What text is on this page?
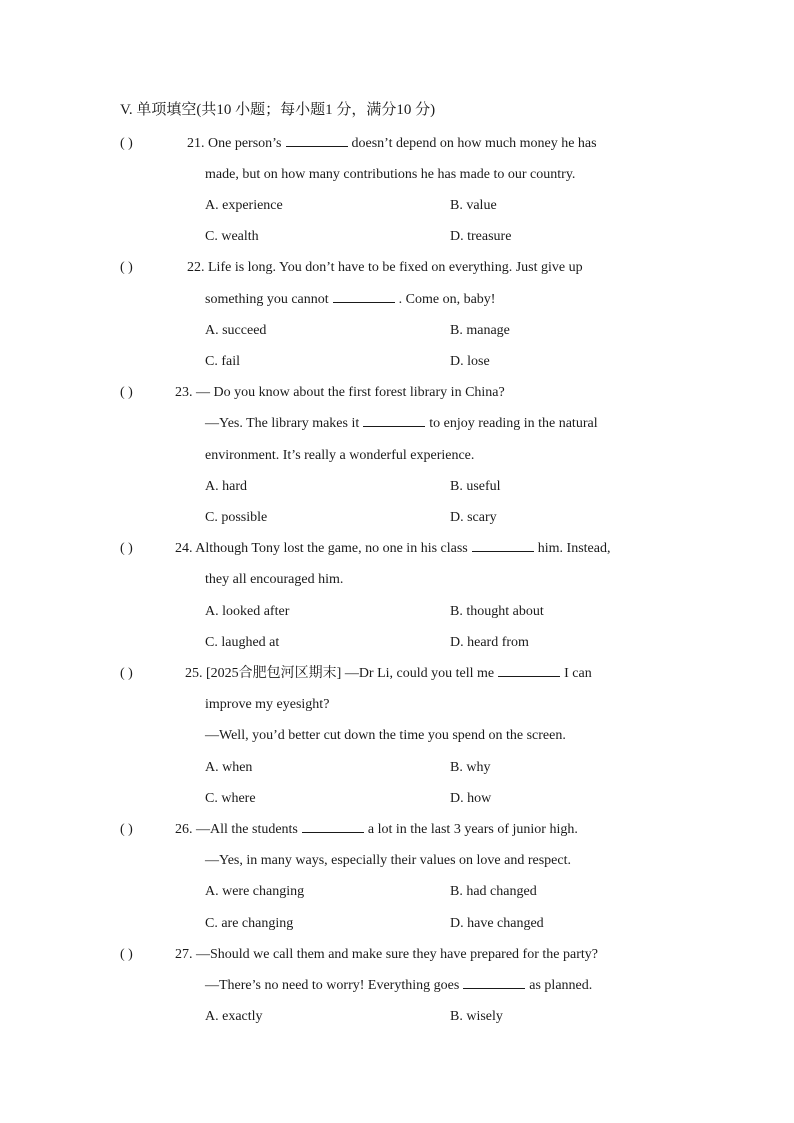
V. 单项填空(共10 小题；每小题1 分，满分10 分)
( )	21. One person’s	doesn’t depend on how much money he has
made, but on how many contributions he has made to our country.
A. experience	B. value
C. wealth	D. treasure
( )	22. Life is long. You don’t have to be fixed on everything. Just give up
something you cannot	. Come on, baby!
A. succeed	B. manage
C. fail	D. lose
( )	23. — Do you know about the first forest library in China?
—Yes. The library makes it	to enjoy reading in the natural
environment. It’s really a wonderful experience.
A. hard	B. useful
C. possible	D. scary
( )	24. Although Tony lost the game, no one in his class	him. Instead,
they all encouraged him.
A. looked after	B. thought about
C. laughed at	D. heard from
( )	25. [2025合肥包河区期末] —Dr Li, could you tell me	I can
improve my eyesight?
—Well, you’d better cut down the time you spend on the screen.
A. when	B. why
C. where	D. how
( )	26. —All the students	a lot in the last 3 years of junior high.
—Yes, in many ways, especially their values on love and respect.
A. were changing	B. had changed
C. are changing	D. have changed
( )	27. —Should we call them and make sure they have prepared for the party?
—There’s no need to worry! Everything goes	as planned.
A. exactly	B. wisely
